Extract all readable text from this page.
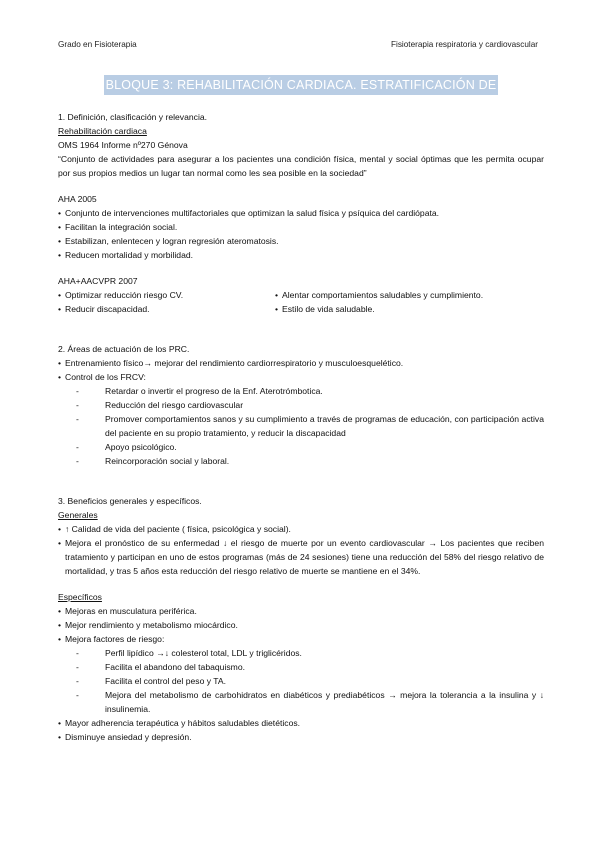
Grado en Fisioterapia	Fisioterapia respiratoria y cardiovascular
BLOQUE 3: REHABILITACIÓN CARDIACA. ESTRATIFICACIÓN DE LAS ECV.

1. Definición, clasificación y relevancia.

Rehabilitación cardiaca

OMS 1964 Informe nº270 Génova

“Conjunto de actividades para asegurar a los pacientes una condición física, mental y social óptimas que les permita ocupar por sus propios medios un lugar tan normal como les sea posible en la sociedad”

AHA 2005

• Conjunto de intervenciones multifactoriales que optimizan la salud física y psíquica del cardiópata.

• Facilitan la integración social.

• Estabilizan, enlentecen y logran regresión ateromatosis.

• Reducen mortalidad y morbilidad.

AHA+AACVPR 2007

• Optimizar reducción riesgo CV.

• Reducir discapacidad.

• Alentar comportamientos saludables y cumplimiento.

• Estilo de vida saludable.

2. Áreas de actuación de los PRC.

• Entrenamiento físico→ mejorar del rendimiento cardiorrespiratorio y musculoesquelético.

• Control de los FRCV:

- Retardar o invertir el progreso de la Enf. Aterotrómbotica.

- Reducción del riesgo cardiovascular

- Promover comportamientos sanos y su cumplimiento a través de programas de educación, con participación activa del paciente en su propio tratamiento, y reducir la discapacidad

- Apoyo psicológico.

- Reincorporación social y laboral.

3. Beneficios generales y específicos.

Generales

• ↑ Calidad de vida del paciente ( física, psicológica y social).

• Mejora el pronóstico de su enfermedad ↓ el riesgo de muerte por un evento cardiovascular → Los pacientes que reciben tratamiento y participan en uno de estos programas (más de 24 sesiones) tiene una reducción del 58% del riesgo relativo de mortalidad, y tras 5 años esta reducción del riesgo relativo de muerte se mantiene en el 34%.

Específicos

• Mejoras en musculatura periférica.

• Mejor rendimiento y metabolismo miocárdico.

• Mejora factores de riesgo:

- Perfil lipídico →↓ colesterol total, LDL y triglicéridos.

- Facilita el abandono del tabaquismo.

- Facilita el control del peso y TA.

- Mejora del metabolismo de carbohidratos en diabéticos y prediabéticos → mejora la tolerancia a la insulina y ↓ insulinemia.

• Mayor adherencia terapéutica y hábitos saludables dietéticos.

• Disminuye ansiedad y depresión.
